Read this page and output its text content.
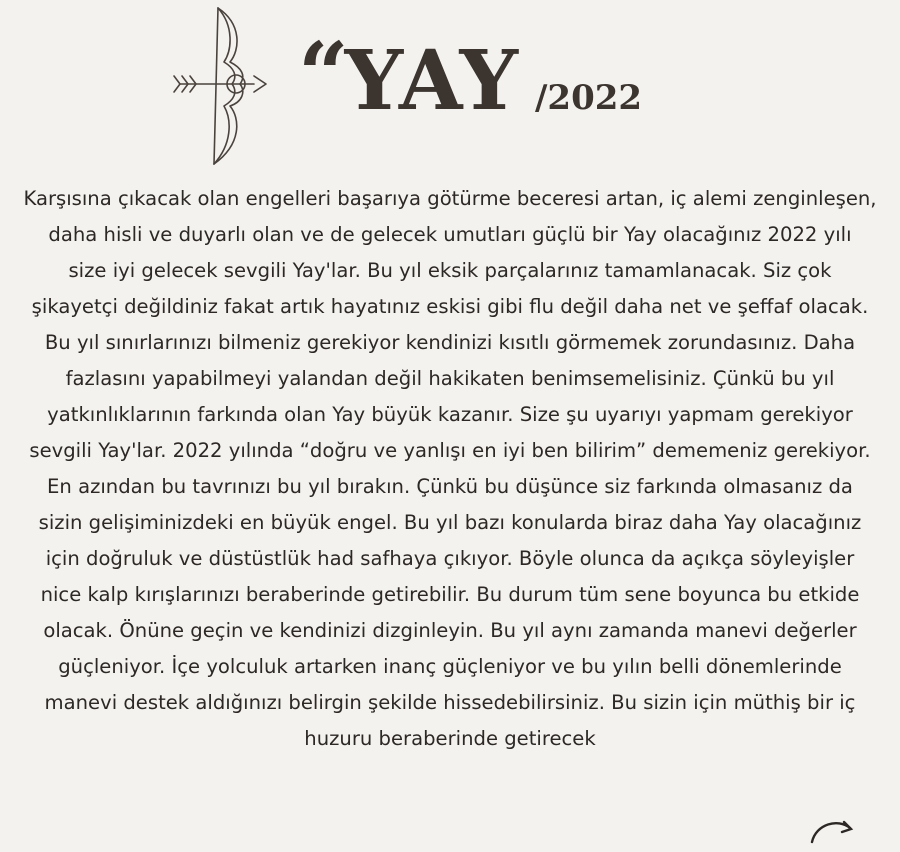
“ YAY /2022
Karşısına çıkacak olan engelleri başarıya götürme beceresi artan, iç alemi zenginleşen,
daha hisli ve duyarlı olan ve de gelecek umutları güçlü bir Yay olacağınız 2022 yılı
size iyi gelecek sevgili Yay'lar. Bu yıl eksik parçalarınız tamamlanacak. Siz çok
şikayetçi değildiniz fakat artık hayatınız eskisi gibi flu değil daha net ve şeffaf olacak.
Bu yıl sınırlarınızı bilmeniz gerekiyor kendinizi kısıtlı görmemek zorundasınız. Daha
fazlasını yapabilmeyi yalandan değil hakikaten benimsemelisiniz. Çünkü bu yıl
yatkınlıklarının farkında olan Yay büyük kazanır. Size şu uyarıyı yapmam gerekiyor
sevgili Yay'lar. 2022 yılında “doğru ve yanlışı en iyi ben bilirim” dememeniz gerekiyor.
En azından bu tavrınızı bu yıl bırakın. Çünkü bu düşünce siz farkında olmasanız da
sizin gelişiminizdeki en büyük engel. Bu yıl bazı konularda biraz daha Yay olacağınız
için doğruluk ve düstüstlük had safhaya çıkıyor. Böyle olunca da açıkça söyleyişler
nice kalp kırışlarınızı beraberinde getirebilir. Bu durum tüm sene boyunca bu etkide
olacak. Önüne geçin ve kendinizi dizginleyin. Bu yıl aynı zamanda manevi değerler
güçleniyor. İçe yolculuk artarken inanç güçleniyor ve bu yılın belli dönemlerinde
manevi destek aldığınızı belirgin şekilde hissedebilirsiniz. Bu sizin için müthiş bir iç
huzuru beraberinde getirecek
